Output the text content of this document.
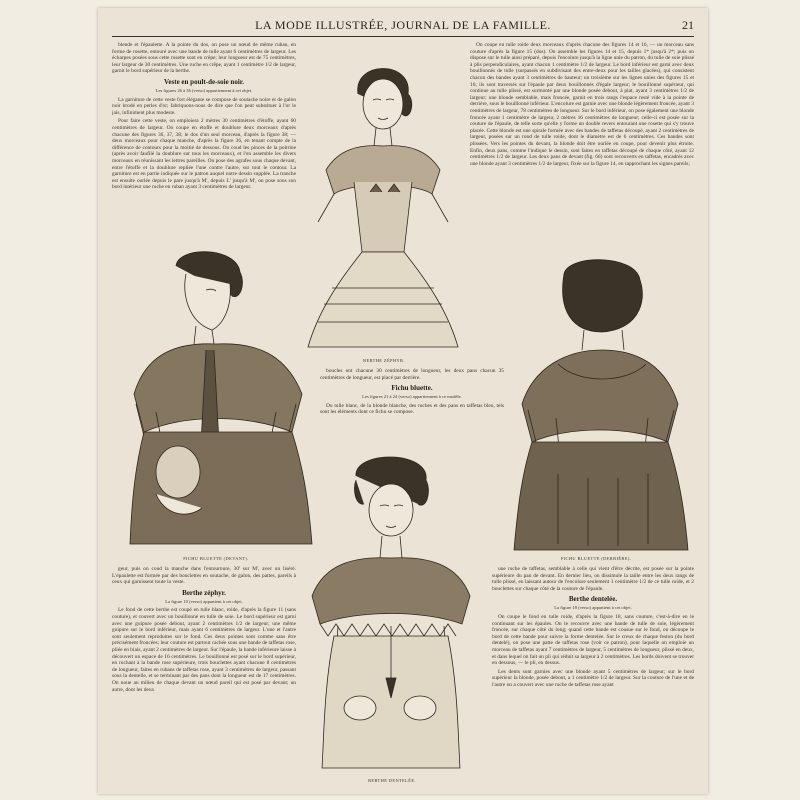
LA MODE ILLUSTRÉE, JOURNAL DE LA FAMILLE.	21

blende et l'épaulette. A la pointe du dos, on pose un nœud de même ruban, en forme de rosette, entouré avec une bande de tulle ayant 6 centimètres de largeur. Les écharpes posées sous cette rosette sont en crêpe; leur longueur est de 75 centimètres, leur largeur de 30 centimètres. Une ruche en crêpe, ayant 1 centimètre 1/2 de largeur, garnit le bord supérieur de la berthe.

Veste en poult-de-soie noir.

Les figures 26 à 36 (verso) appartiennent à cet objet.

La garniture de cette veste fort élégante se compose de soutache noire et de galon noir brodé en perles d'or; fabriquons-nous de dire que l'on peut substituer à l'or le jais, infiniment plus modeste.

Pour faire cette veste, on emploiera 2 mètres 30 centimètres d'étoffe, ayant 60 centimètres de largeur. On coupe en étoffe et doublure deux morceaux d'après chacune des figures 36, 37, 38; le dos d'un seul morceau, d'après la figure 38; — deux morceaux pour chaque manche, d'après la figure 36, en tenant compte de la différence de contours pour la moitié de dessous. On coud les pinces de la poitrine (après avoir faufilé la doublure sur tous les morceaux), et l'on assemble les divers morceaux en réunissant les lettres pareilles. On pose des agrafes sous chaque devant, entre l'étoffe et la doublure repliée l'une contre l'autre, sur tout le contour. La garniture est en partie indiquée sur le patron auquel notre dessin supplée. La tranche est ensuite ourlée depuis le pare jusqu'à M', depuis L' jusqu'à M', on pose sous son bord intérieur une ruche en ruban ayant 3 centimètres de largeur.

BERTHE ZÉPHYR.

On coupe en tulle roide deux morceaux d'après chacune des figures 14 et 16, — un morceau sans couture d'après la figure 15 (dos). On assemble les figures 14 et 15, depuis 1* jusqu'à 2*; puis on dispose sur le tulle ainsi préparé, depuis l'encolure jusqu'à la ligne unie du patron, du tulle de soie plissé à plis perpendiculaires, ayant chacun 1 centimètre 1/2 de largeur. Le bord inférieur est garni avec deux bouillonnés de tulle (surpassés en subdivisant des entre-deux pour les tailles glacées), qui consistent chacun des bandes ayant 3 centimètres de hauteur; un troisième sur les lignes unies des figures 15 et 16; ils sont traversés sur l'épaule par deux bouillonnés d'égale largeur; le bouillonné supérieur, qui continue au tulle plissé, est surmonté par une blonde posée debout, à plat, ayant 3 centimètres 1/2 de largeur; une blonde semblable, mais froncée, garnit en trois rangs l'espace resté vide à la pointe de derrière, sous le bouillonné inférieur. L'encolure est garnie avec une blonde légèrement froncée, ayant 3 centimètres de largeur, 78 centimètres de longueur. Sur le bord inférieur, on pose également une blonde froncée ayant 1 centimètre de largeur, 2 mètres 16 centimètres de longueur; celle-ci est posée sur la couture de l'épaule, de telle sorte qu'elle y forme un double revers entourant une rosette qui s'y trouve placée. Cette blonde est une spirale formée avec des bandes de taffetas découpé, ayant 2 centimètres de largeur, posées sur un rond de tulle roide, dont le diamètre est de 6 centimètres. Ces bandes sont plissées. Vers les pointes du devant, la blonde doit être ourlée en coupe, pour devenir plus étroite. Enfin, deux pans, comme l'indique le dessin, sont faites en taffetas découpé de chaque côté, ayant 12 centimètres 1/2 de largeur. Les deux pans de devant (fig. 66) sont recouverts en taffetas, encadrés avec une blonde ayant 3 centimètres 1/2 de largeur, fixée sur la figure 14, en rapprochant les signes pareils;

FICHU BLUETTE (DEVANT).

boucles ont chacune 30 centimètres de longueur, les deux pans chacun 35 centimètres de longueur, est placé par derrière.

Fichu bluette.

Les figures 21 à 24 (verso) appartiennent à ce modèle.

Du tulle blanc, de la blonde blanche, des ruches et des pans en taffetas bleu, tels sont les éléments dont ce fichu se compose.

FICHU BLUETTE (DERRIÈRE).

geur, puis on coud la manche dans l'entournure, 30' sur M', avec un liséré. L'épaulette est formée par des bouclettes en soutache, de galon, des pattes, pareils à ceux qui garnissent toute la veste.

Berthe zéphyr.

La figure 10 (verso) appartient à cet objet.

Le fond de cette berthe est coupé en tulle blanc, roide, d'après la figure 11 (sans couture), et couvert avec un bouillonné en tulle de soie. Le bord supérieur est garni avec une guipure posée debout, ayant 2 centimètres 1/2 de largeur; une même guipure sur le bord inférieur, mais ayant 6 centimètres de largeur. L'une et l'autre sont seulement reproduites sur le fond. Ces deux pointes sont comme sans être précisément froncées; leur couture est partout cachée sous une bande de taffetas rose, pliée en biais, ayant 2 centimètres de largeur. Sur l'épaule, la bande inférieure laisse à découvert un espace de 16 centimètres. Le bouillonné est posé sur le bord supérieur, en ruchant à la bande rose supérieure, trois bouclettes ayant chacune 8 centimètres de longueur, faites en rubans de taffetas rose, ayant 3 centimètres de largeur, passant sous la dentelle, et se terminant par des pans dont la longueur est de 17 centimètres. On noue au milieu de chaque devant un nœud pareil qui est posé par devant; un autre, dont les deux

BERTHE DENTELÉE.

une ruche de taffetas, semblable à celle qui vient d'être décrite, est posée sur la pointe supérieure du pan de devant. En dernier lieu, on dissimule la taille entre les deux rangs de tulle plissé, en laissant autour de l'encolure seulement 1 centimètre 1/2 de ce tulle roide, et 2 bouclettes sur chaque côté de la couture de l'épaule.

Berthe dentelée.

La figure 18 (verso) appartient à cet objet.

On coupe le fond en tulle roide, d'après la figure 18, sans couture, c'est-à-dire en le continuant sur les épaules. On le recouvre avec une bande de tulle de soie, légèrement froncée, sur chaque côté du long; quand cette bande est cousue sur le fond, on découpe le bord de cette bande pour suivre la forme dentelée. Sur le creux de chaque feston (du bord dentelé), on pose une patte de taffetas rose (voir ce patron), pour laquelle on emploie un morceau de taffetas ayant 7 centimètres de largeur, 5 centimètres de longueur, plissé en deux, et dans lequel on fait un pli qui réduit sa largeur à 2 centimètres. Les bords doivent se trouver en dessous, — le pli, en dessus.

Les dents sont garnies avec une blonde ayant 5 centimètres de largeur; sur le bord supérieur la blonde, posée debout, a 1 centimètre 1/2 de largeur. Sur la couture de l'une et de l'autre on a couvert avec une ruche de taffetas rose ayant
